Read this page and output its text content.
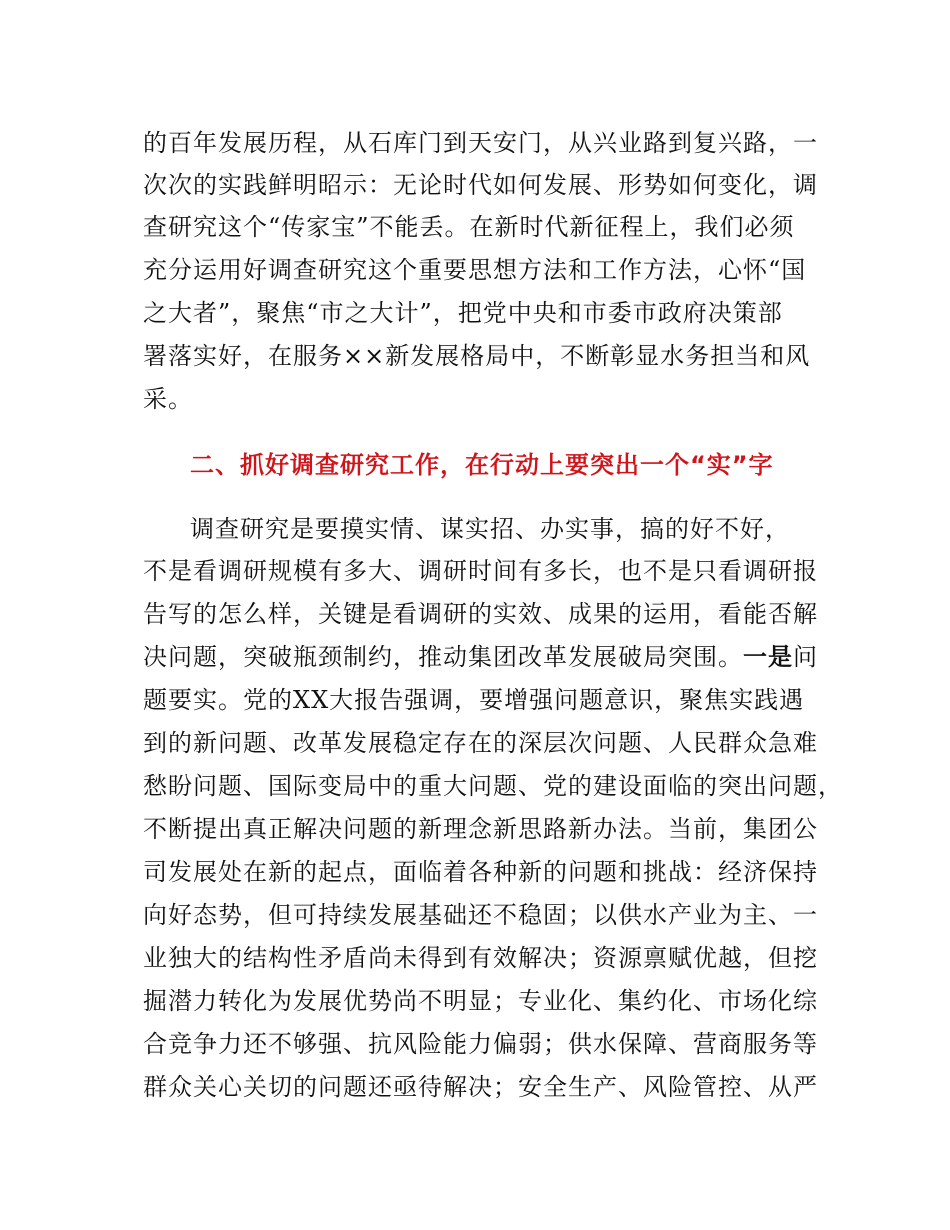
的百年发展历程，从石库门到天安门，从兴业路到复兴路，一
次次的实践鲜明昭示：无论时代如何发展、形势如何变化，调
查研究这个“传家宝”不能丢。在新时代新征程上，我们必须
充分运用好调查研究这个重要思想方法和工作方法，心怀“国
之大者”，聚焦“市之大计”，把党中央和市委市政府决策部
署落实好，在服务××新发展格局中，不断彰显水务担当和风
采。
二、抓好调查研究工作，在行动上要突出一个“实”字
调查研究是要摸实情、谋实招、办实事，搞的好不好，
不是看调研规模有多大、调研时间有多长，也不是只看调研报
告写的怎么样，关键是看调研的实效、成果的运用，看能否解
决问题，突破瓶颈制约，推动集团改革发展破局突围。一是问
题要实。党的XX大报告强调，要增强问题意识，聚焦实践遇
到的新问题、改革发展稳定存在的深层次问题、人民群众急难
愁盼问题、国际变局中的重大问题、党的建设面临的突出问题，
不断提出真正解决问题的新理念新思路新办法。当前，集团公
司发展处在新的起点，面临着各种新的问题和挑战：经济保持
向好态势，但可持续发展基础还不稳固；以供水产业为主、一
业独大的结构性矛盾尚未得到有效解决；资源禀赋优越，但挖
掘潜力转化为发展优势尚不明显；专业化、集约化、市场化综
合竞争力还不够强、抗风险能力偏弱；供水保障、营商服务等
群众关心关切的问题还亟待解决；安全生产、风险管控、从严
